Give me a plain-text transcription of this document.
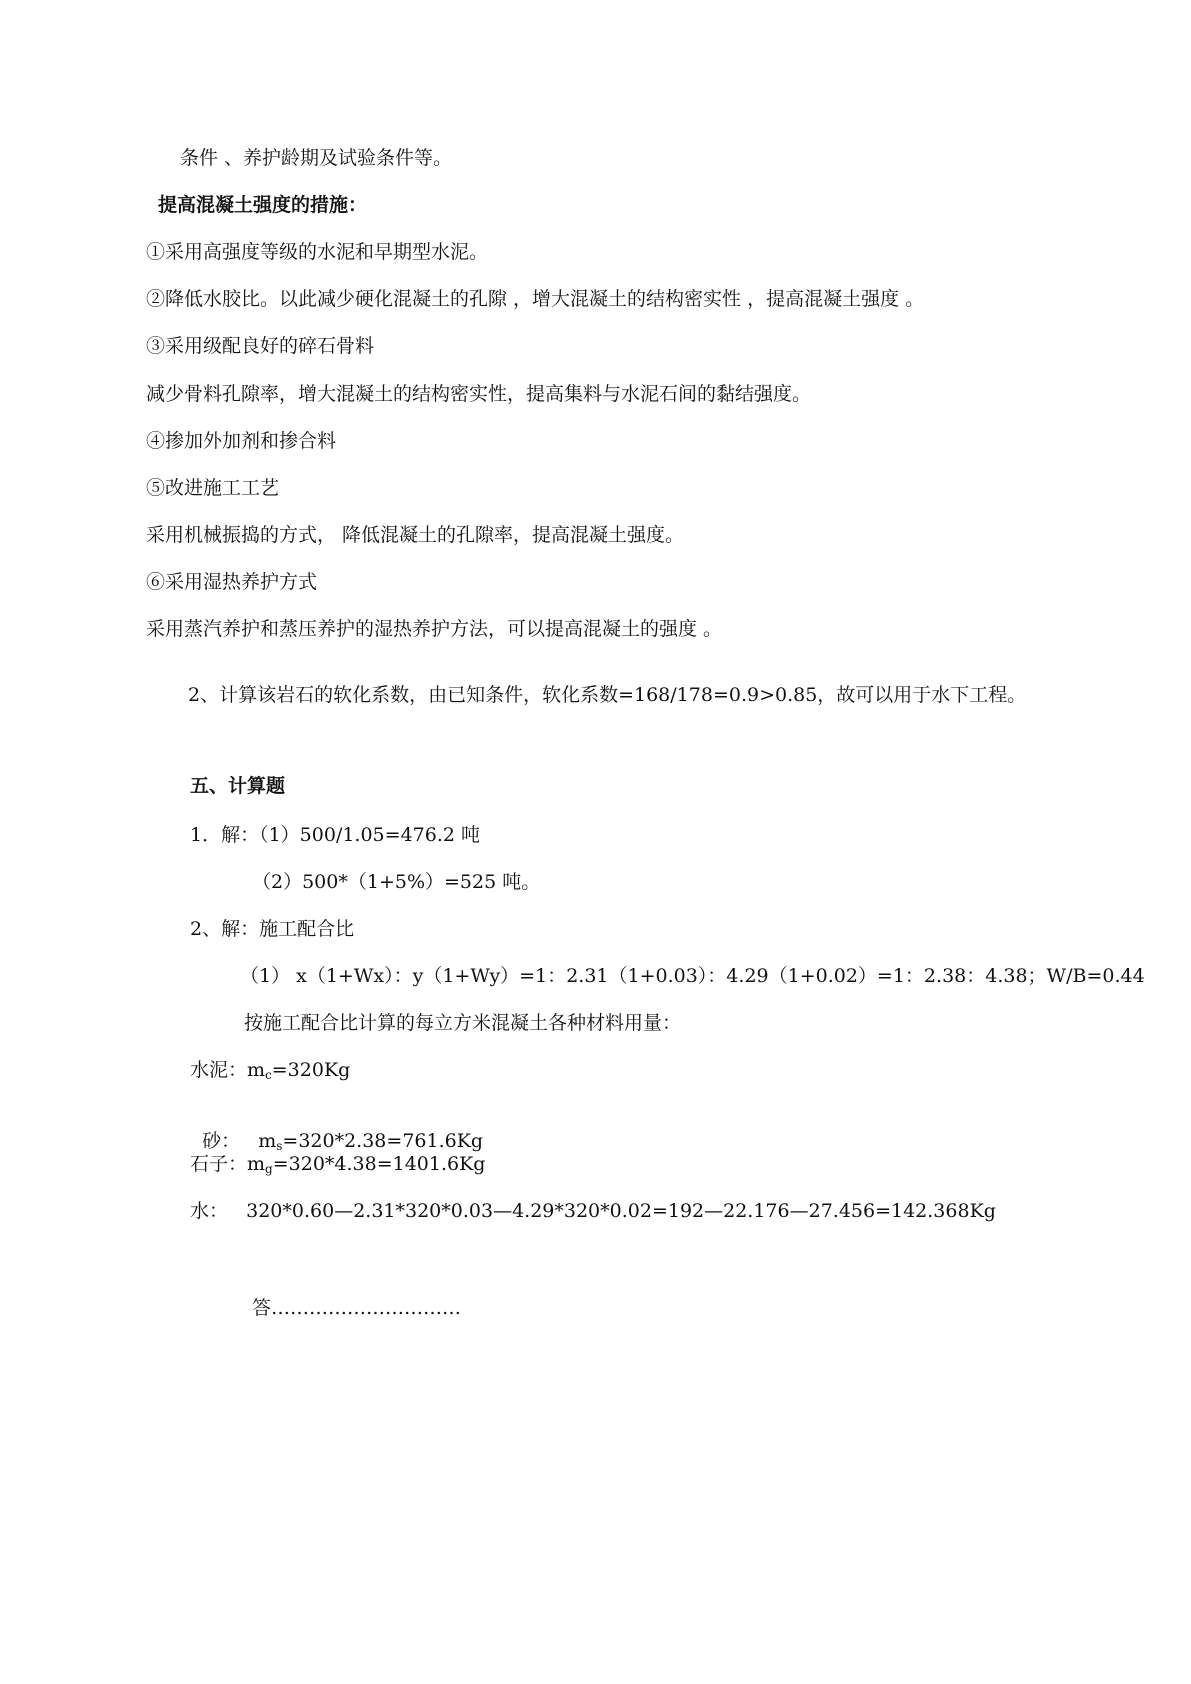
条件 、养护龄期及试验条件等。
提高混凝土强度的措施：
①采用高强度等级的水泥和早期型水泥。
②降低水胶比。以此减少硬化混凝土的孔隙 ，增大混凝土的结构密实性 ，提高混凝土强度 。
③采用级配良好的碎石骨料
减少骨料孔隙率，增大混凝土的结构密实性，提高集料与水泥石间的黏结强度。
④掺加外加剂和掺合料
⑤改进施工工艺
采用机械振捣的方式， 降低混凝土的孔隙率，提高混凝土强度。
⑥采用湿热养护方式
采用蒸汽养护和蒸压养护的湿热养护方法，可以提高混凝土的强度 。
2、计算该岩石的软化系数，由已知条件，软化系数=168/178=0.9>0.85，故可以用于水下工程。
五、计算题
1．解：（1）500/1.05=476.2 吨
（2）500*（1+5%）=525 吨。
2、解：施工配合比
（1） x（1+Wx）：y（1+Wy）=1：2.31（1+0.03）：4.29（1+0.02）=1：2.38：4.38；W/B=0.44
按施工配合比计算的每立方米混凝土各种材料用量：
水泥：$m_c=320Kg$

砂：   $m_s=320*2.38=761.6Kg$

石子：$m_g=320*4.38=1401.6Kg$
水：   320*0.60—2.31*320*0.03—4.29*320*0.02=192—22.176—27.456=142.368Kg
答…………………………
